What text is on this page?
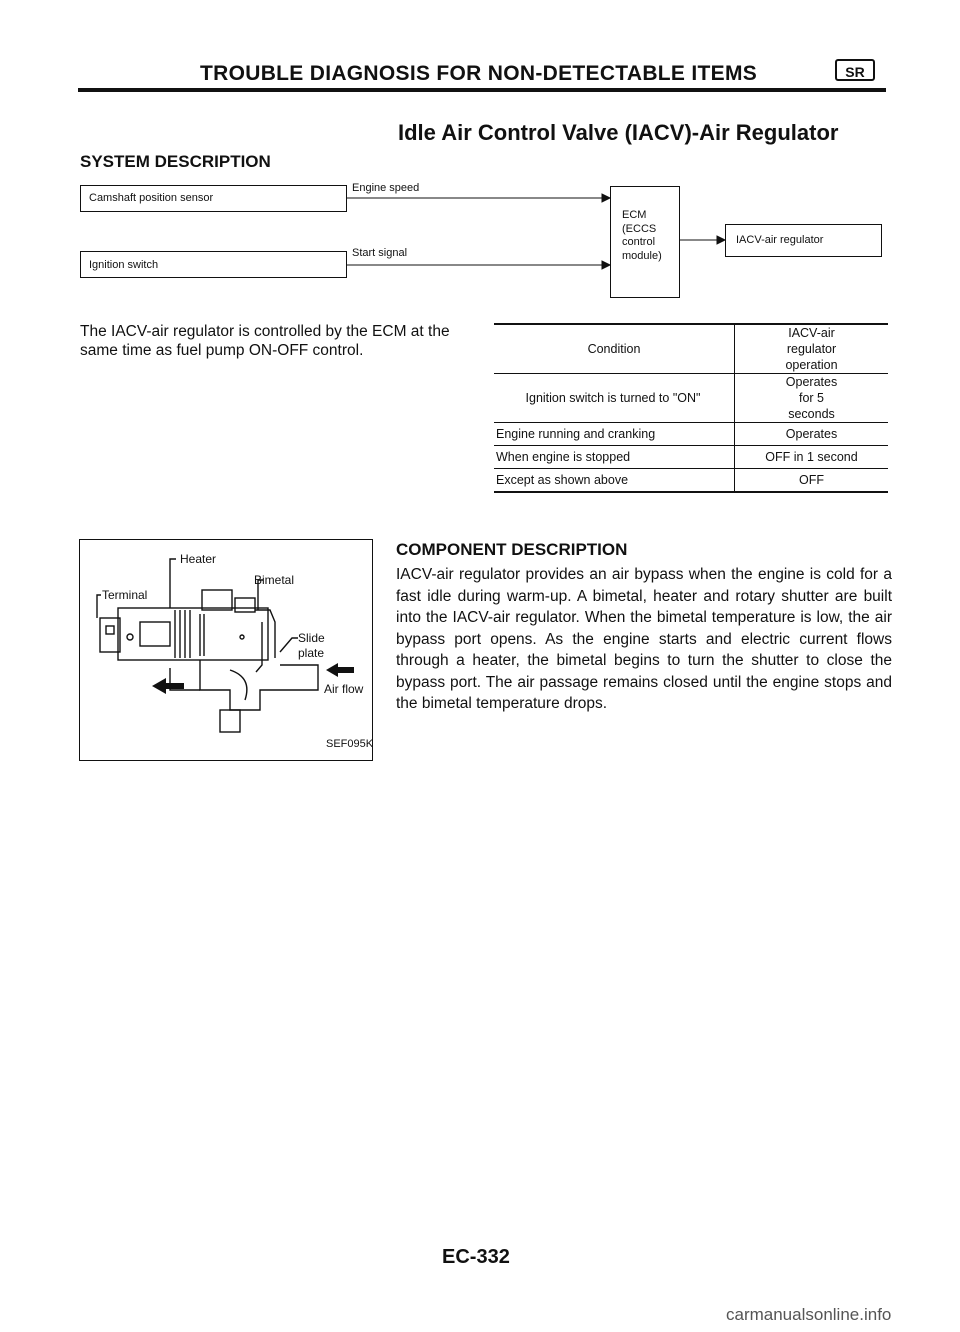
TROUBLE DIAGNOSIS FOR NON-DETECTABLE ITEMS	SR
Idle Air Control Valve (IACV)-Air Regulator
SYSTEM DESCRIPTION
Camshaft position sensor
Engine speed
Ignition switch
Start signal
ECM
(ECCS
control
module)
IACV-air regulator
The IACV-air regulator is controlled by the ECM at the same time as fuel pump ON-OFF control.	Condition	IACV-air regulator operation
Ignition switch is turned to "ON"	Operates for 5 seconds
Engine running and cranking	Operates
When engine is stopped	OFF in 1 second
Except as shown above	OFF
Heater
Bimetal
Terminal
Slide
plate
Air flow
SEF095K
COMPONENT DESCRIPTION
IACV-air regulator provides an air bypass when the engine is cold for a fast idle during warm-up. A bimetal, heater and rotary shutter are built into the IACV-air regulator. When the bimetal temperature is low, the air bypass port opens. As the engine starts and electric current flows through a heater, the bimetal begins to turn the shutter to close the bypass port. The air passage remains closed until the engine stops and the bimetal temperature drops.
EC-332
carmanualsonline.info
